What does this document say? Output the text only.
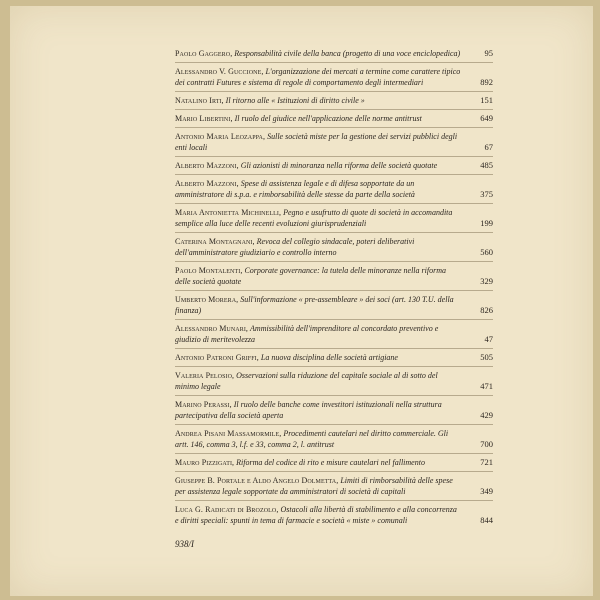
Paolo Gaggero, Responsabilità civile della banca (progetto di una voce enciclopedica)	95
Alessandro V. Guccione, L'organizzazione dei mercati a termine come carattere tipico dei contratti Futures e sistema di regole di comportamento degli intermediari	892
Natalino Irti, Il ritorno alle « Istituzioni di diritto civile »	151
Mario Libertini, Il ruolo del giudice nell'applicazione delle norme antitrust	649
Antonio Maria Leozappa, Sulle società miste per la gestione dei servizi pubblici degli enti locali	67
Alberto Mazzoni, Gli azionisti di minoranza nella riforma delle società quotate	485
Alberto Mazzoni, Spese di assistenza legale e di difesa sopportate da un amministratore di s.p.a. e rimborsabilità delle stesse da parte della società	375
Maria Antonietta Michinelli, Pegno e usufrutto di quote di società in accomandita semplice alla luce delle recenti evoluzioni giurisprudenziali	199
Caterina Montagnani, Revoca del collegio sindacale, poteri deliberativi dell'amministratore giudiziario e controllo interno	560
Paolo Montalenti, Corporate governance: la tutela delle minoranze nella riforma delle società quotate	329
Umberto Morera, Sull'informazione « pre-assembleare » dei soci (art. 130 T.U. della finanza)	826
Alessandro Munari, Ammissibilità dell'imprenditore al concordato preventivo e giudizio di meritevolezza	47
Antonio Patroni Griffi, La nuova disciplina delle società artigiane	505
Valeria Pelosio, Osservazioni sulla riduzione del capitale sociale al di sotto del minimo legale	471
Marino Perassi, Il ruolo delle banche come investitori istituzionali nella struttura partecipativa della società aperta	429
Andrea Pisani Massamormile, Procedimenti cautelari nel diritto commerciale. Gli artt. 146, comma 3, l.f. e 33, comma 2, l. antitrust	700
Mauro Pizzigati, Riforma del codice di rito e misure cautelari nel fallimento	721
Giuseppe B. Portale e Aldo Angelo Dolmetta, Limiti di rimborsabilità delle spese per assistenza legale sopportate da amministratori di società di capitali	349
Luca G. Radicati di Brozolo, Ostacoli alla libertà di stabilimento e alla concorrenza e diritti speciali: spunti in tema di farmacie e società « miste » comunali	844
938/I
